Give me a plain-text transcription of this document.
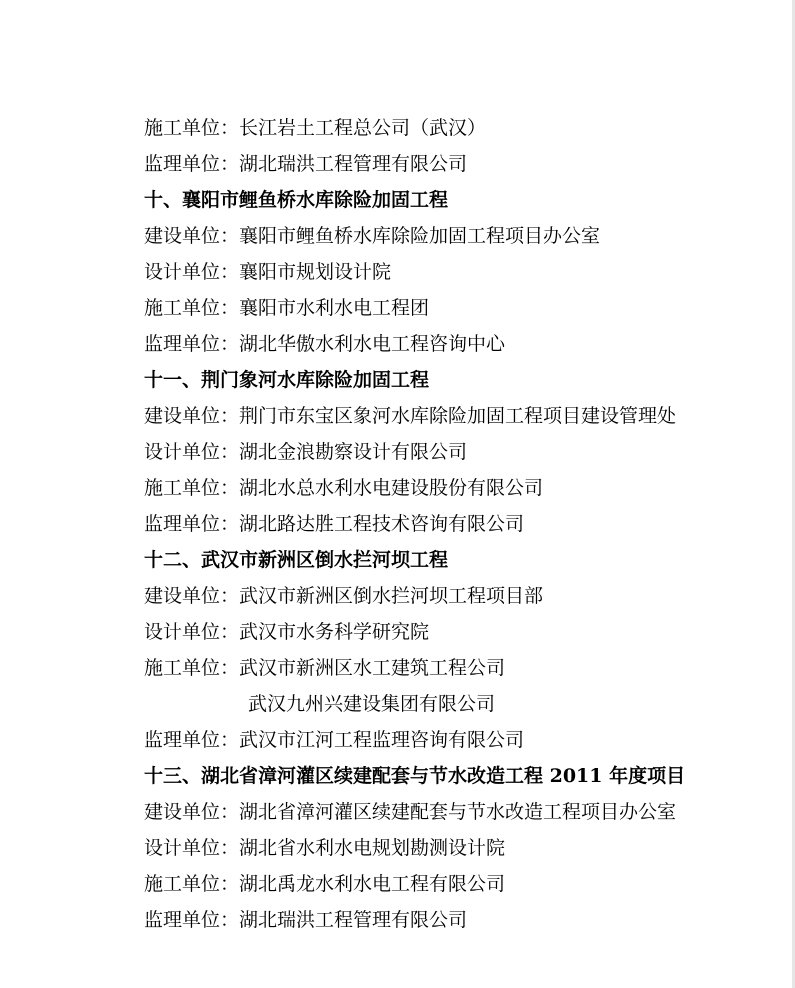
施工单位：长江岩土工程总公司（武汉）
监理单位：湖北瑞洪工程管理有限公司
十、襄阳市鲤鱼桥水库除险加固工程
建设单位：襄阳市鲤鱼桥水库除险加固工程项目办公室
设计单位：襄阳市规划设计院
施工单位：襄阳市水利水电工程团
监理单位：湖北华傲水利水电工程咨询中心
十一、荆门象河水库除险加固工程
建设单位：荆门市东宝区象河水库除险加固工程项目建设管理处
设计单位：湖北金浪勘察设计有限公司
施工单位：湖北水总水利水电建设股份有限公司
监理单位：湖北路达胜工程技术咨询有限公司
十二、武汉市新洲区倒水拦河坝工程
建设单位：武汉市新洲区倒水拦河坝工程项目部
设计单位：武汉市水务科学研究院
施工单位：武汉市新洲区水工建筑工程公司
武汉九州兴建设集团有限公司
监理单位：武汉市江河工程监理咨询有限公司
十三、湖北省漳河灌区续建配套与节水改造工程 2011 年度项目
建设单位：湖北省漳河灌区续建配套与节水改造工程项目办公室
设计单位：湖北省水利水电规划勘测设计院
施工单位：湖北禹龙水利水电工程有限公司
监理单位：湖北瑞洪工程管理有限公司
